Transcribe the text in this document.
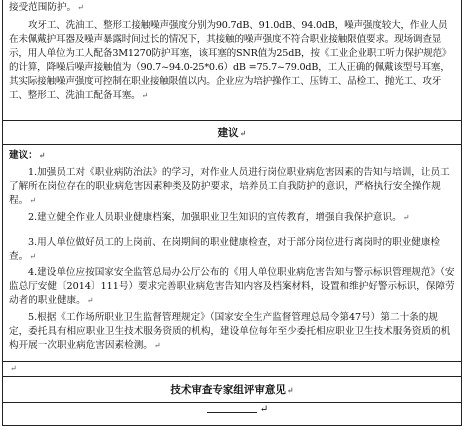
接受范围防护。↵
攻牙工、洗油工、整形工接触噪声强度分别为90.7dB、91.0dB、94.0dB，噪声强度较大，作业人员在未佩戴护耳器及噪声暴露时间过长的情况下，其接触的噪声强度不符合职业接触限值要求。现场调查显示，用人单位为工人配备3M1270防护耳塞，该耳塞的SNR值为25dB，按《工业企业职工听力保护规范》的计算，降噪后噪声接触值为（90.7~94.0-25*0.6）dB =75.7~79.0dB，工人正确的佩戴该型号耳塞，其实际接触噪声强度可控制在职业接触限值以内。企业应为培护操作工、压铸工、品检工、抛光工、攻牙工、整形工、洗油工配备耳塞。↵
建议↵
建议：↵
1.加强员工对《职业病防治法》的学习，对作业人员进行岗位职业病危害因素的告知与培训，让员工了解所在岗位存在的职业病危害因素种类及防护要求，培养员工自我防护的意识，严格执行安全操作规程。↵
2.建立健全作业人员职业健康档案，加强职业卫生知识的宣传教育，增强自我保护意识。↵
3.用人单位做好员工的上岗前、在岗期间的职业健康检查，对于部分岗位进行离岗时的职业健康检查。↵
4.建设单位应按国家安全监管总局办公厅公布的《用人单位职业病危害告知与警示标识管理规范》（安监总厅安健〔2014〕111号）要求完善职业病危害告知内容及档案材料，设置和维护好警示标识，保障劳动者的职业健康。↵
5.根据《工作场所职业卫生监督管理规定》（国家安全生产监督管理总局令第47号）第二十条的规定，委托具有相应职业卫生技术服务资质的机构，建设单位每年至少委托相应职业卫生技术服务资质的机构开展一次职业病危害因素检测。↵
↵
技术审查专家组评审意见↵
↵
